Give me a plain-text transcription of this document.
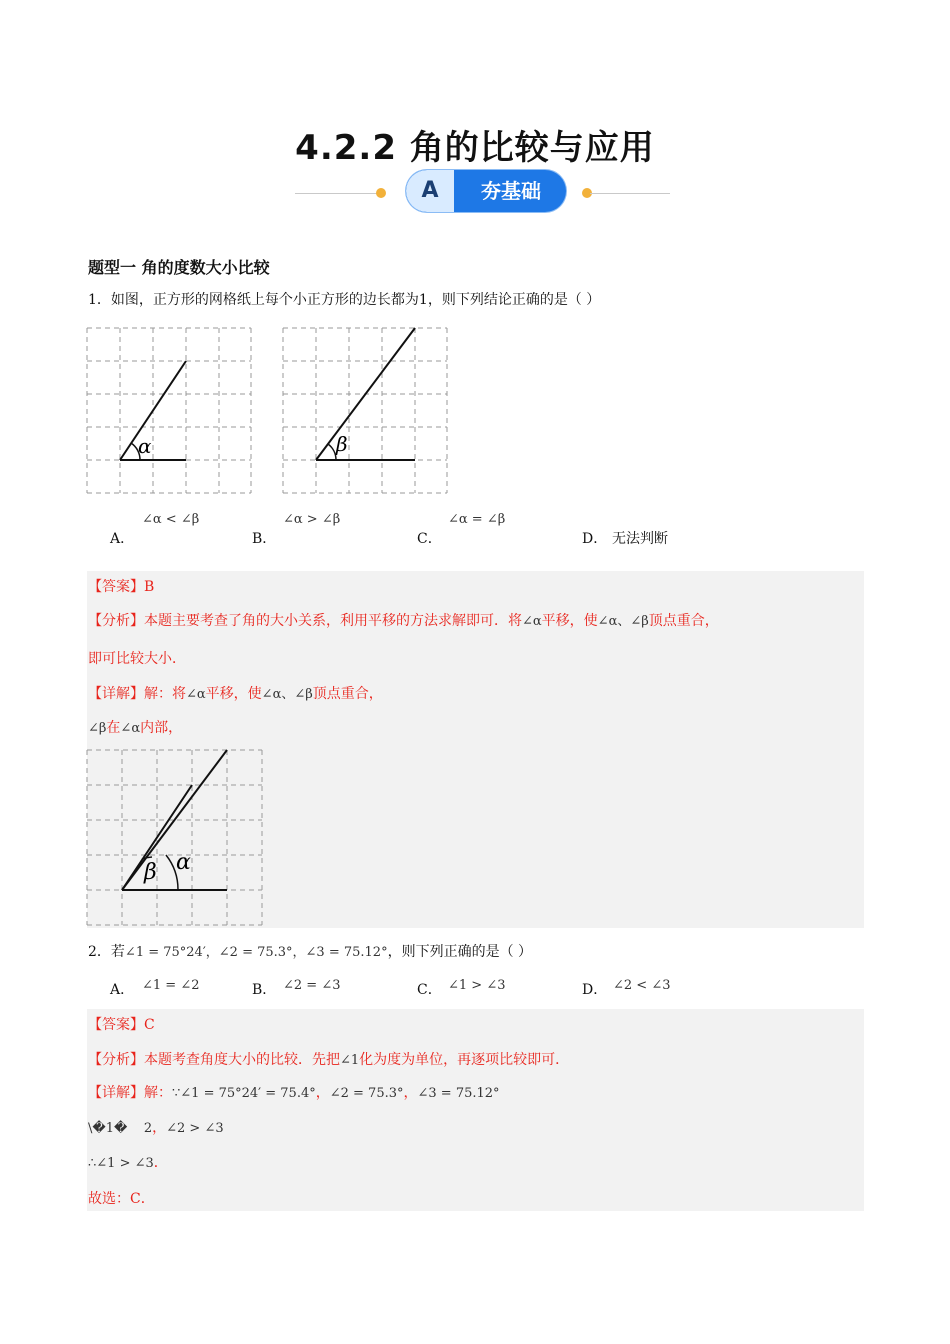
4.2.2 角的比较与应用
A	夯基础
题型一 角的度数大小比较
1．如图，正方形的网格纸上每个小正方形的边长都为1，则下列结论正确的是（ ）
α	β
A．
∠α < ∠β
B．
∠α > ∠β
C．
∠α = ∠β
D． 无法判断
【答案】B
【分析】本题主要考查了角的大小关系，利用平移的方法求解即可．将∠α平移，使∠α、∠β顶点重合，
即可比较大小．
【详解】解：将∠α平移，使∠α、∠β顶点重合，
∠β在∠α内部，
α
β
2．若∠1 = 75°24′，∠2 = 75.3°，∠3 = 75.12°，则下列正确的是（ ）
A． ∠1 = ∠2	B． ∠2 = ∠3	C． ∠1 > ∠3	D． ∠2 < ∠3
【答案】C
【分析】本题考查角度大小的比较．先把∠1化为度为单位，再逐项比较即可．
【详解】解：∵∠1 = 75°24′ = 75.4°，∠2 = 75.3°，∠3 = 75.12°
\�1�    2，∠2 > ∠3
∴∠1 > ∠3．
故选：C．
